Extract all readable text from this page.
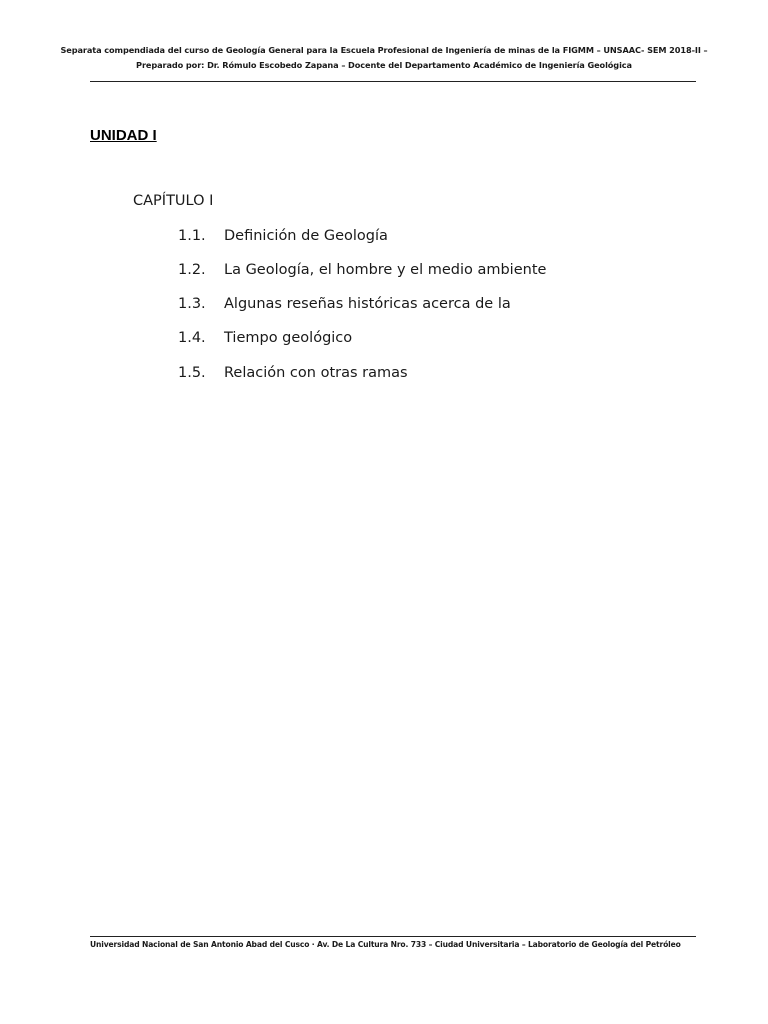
Separata compendiada del curso de Geología General para la Escuela Profesional de Ingeniería de minas de la FIGMM – UNSAAC- SEM 2018-II –
Preparado por: Dr. Rómulo Escobedo Zapana – Docente del Departamento Académico de Ingeniería Geológica
UNIDAD I
CAPÍTULO I
1.1. Definición de Geología
1.2. La Geología, el hombre y el medio ambiente
1.3. Algunas reseñas históricas acerca de la
1.4. Tiempo geológico
1.5. Relación con otras ramas
Universidad Nacional de San Antonio Abad del Cusco · Av. De La Cultura Nro. 733 – Ciudad Universitaria – Laboratorio de Geología del Petróleo
